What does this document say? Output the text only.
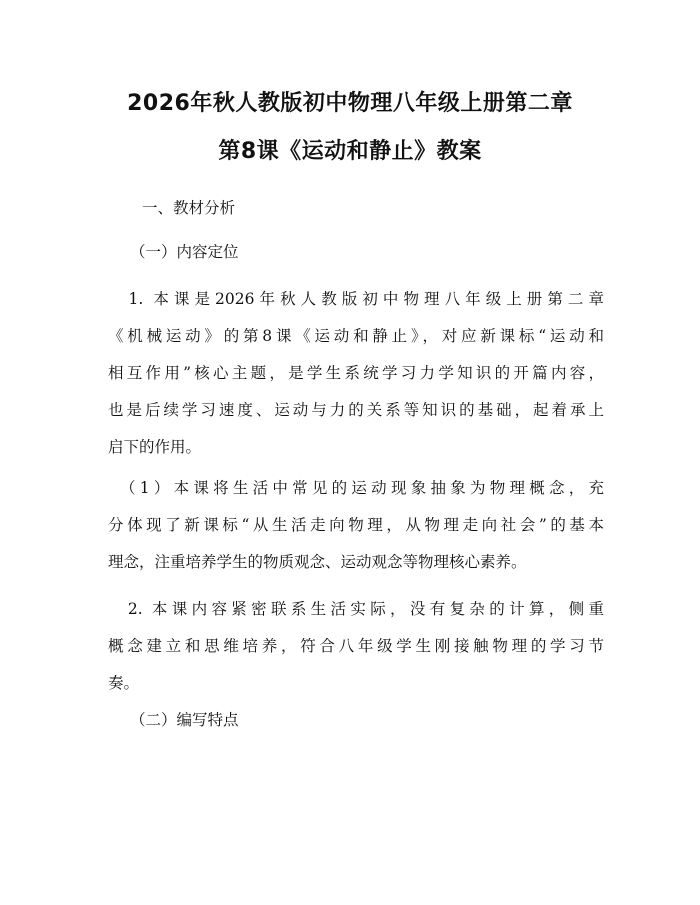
2026年秋人教版初中物理八年级上册第二章
第8课《运动和静止》教案
一、教材分析
（一）内容定位
　1. 本课是2026年秋人教版初中物理八年级上册第二章
《机械运动》的第8课《运动和静止》，对应新课标“运动和
相互作用”核心主题，是学生系统学习力学知识的开篇内容，
也是后续学习速度、运动与力的关系等知识的基础，起着承上
启下的作用。
　（1）本课将生活中常见的运动现象抽象为物理概念，充
分体现了新课标“从生活走向物理，从物理走向社会”的基本
理念，注重培养学生的物质观念、运动观念等物理核心素养。
　2. 本课内容紧密联系生活实际，没有复杂的计算，侧重
概念建立和思维培养，符合八年级学生刚接触物理的学习节
奏。
（二）编写特点
